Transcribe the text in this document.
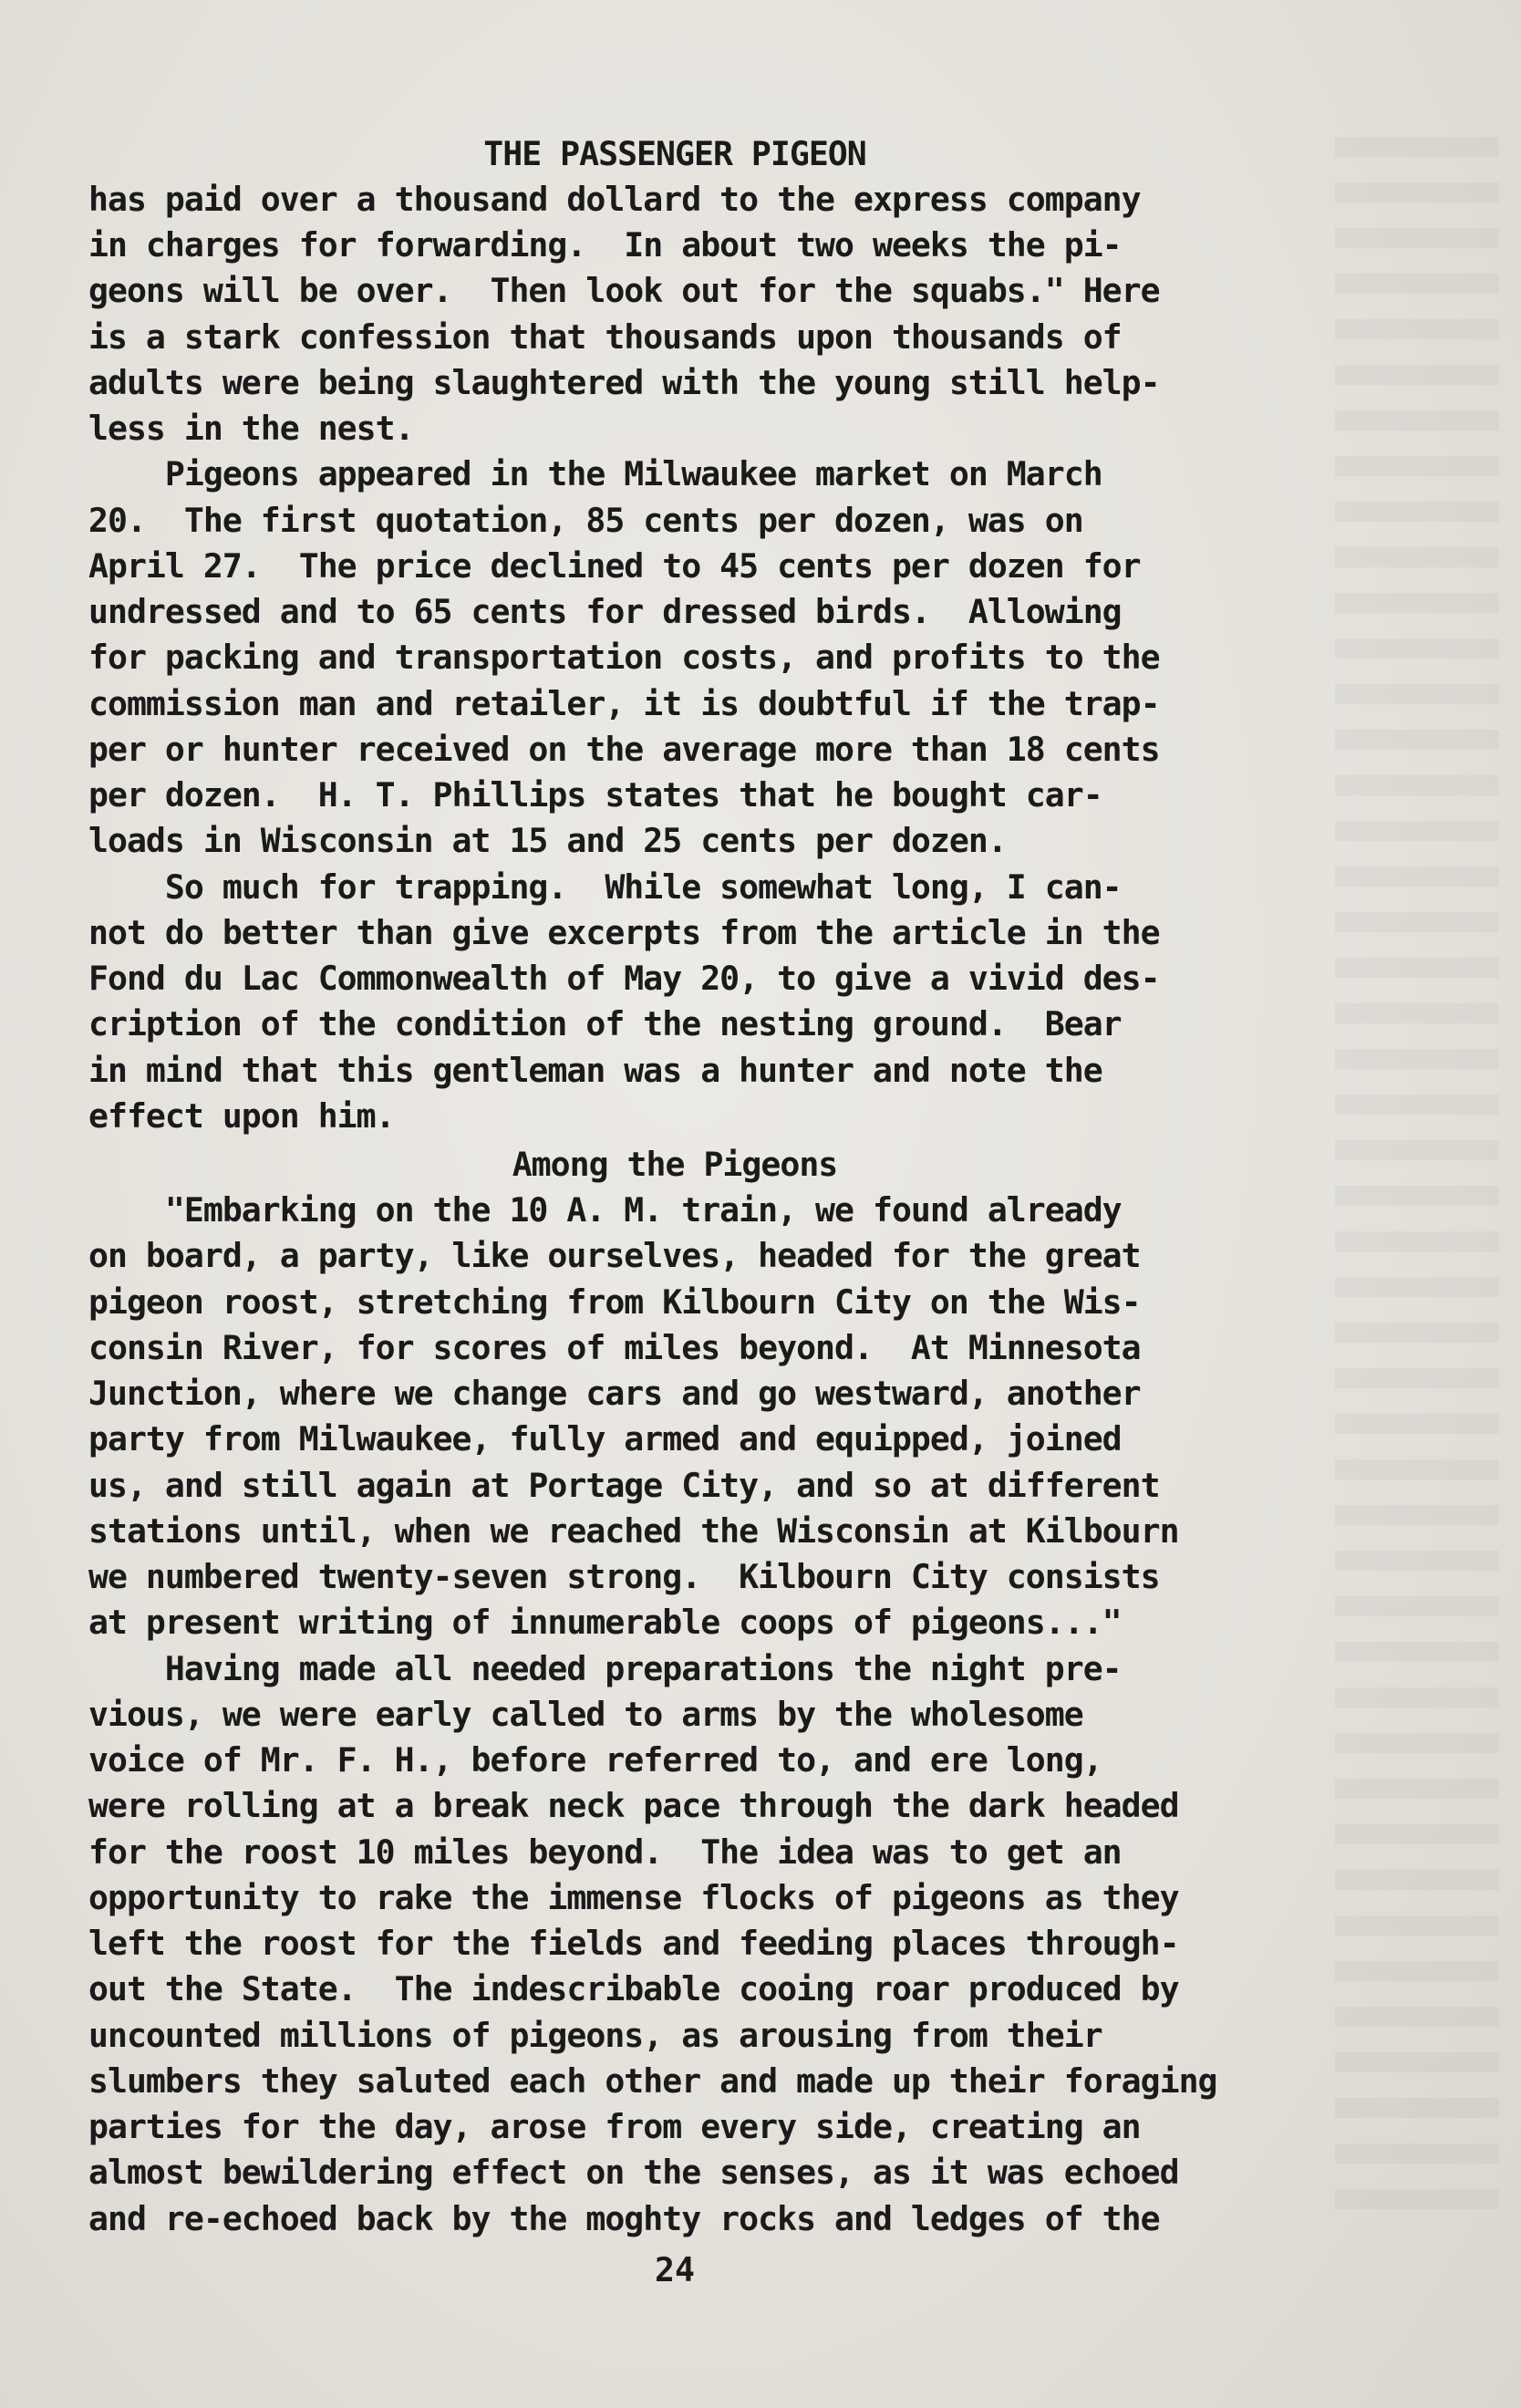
THE PASSENGER PIGEON

has paid over a thousand dollard to the express company

in charges for forwarding.  In about two weeks the pi-

geons will be over.  Then look out for the squabs." Here

is a stark confession that thousands upon thousands of

adults were being slaughtered with the young still help-

less in the nest.

Pigeons appeared in the Milwaukee market on March

20.  The first quotation, 85 cents per dozen, was on

April 27.  The price declined to 45 cents per dozen for

undressed and to 65 cents for dressed birds.  Allowing

for packing and transportation costs, and profits to the

commission man and retailer, it is doubtful if the trap-

per or hunter received on the average more than 18 cents

per dozen.  H. T. Phillips states that he bought car-

loads in Wisconsin at 15 and 25 cents per dozen.

So much for trapping.  While somewhat long, I can-

not do better than give excerpts from the article in the

Fond du Lac Commonwealth of May 20, to give a vivid des-

cription of the condition of the nesting ground.  Bear

in mind that this gentleman was a hunter and note the

effect upon him.

Among the Pigeons

"Embarking on the 10 A. M. train, we found already

on board, a party, like ourselves, headed for the great

pigeon roost, stretching from Kilbourn City on the Wis-

consin River, for scores of miles beyond.  At Minnesota

Junction, where we change cars and go westward, another

party from Milwaukee, fully armed and equipped, joined

us, and still again at Portage City, and so at different

stations until, when we reached the Wisconsin at Kilbourn

we numbered twenty-seven strong.  Kilbourn City consists

at present writing of innumerable coops of pigeons..."

Having made all needed preparations the night pre-

vious, we were early called to arms by the wholesome

voice of Mr. F. H., before referred to, and ere long,

were rolling at a break neck pace through the dark headed

for the roost 10 miles beyond.  The idea was to get an

opportunity to rake the immense flocks of pigeons as they

left the roost for the fields and feeding places through-

out the State.  The indescribable cooing roar produced by

uncounted millions of pigeons, as arousing from their

slumbers they saluted each other and made up their foraging

parties for the day, arose from every side, creating an

almost bewildering effect on the senses, as it was echoed

and re-echoed back by the moghty rocks and ledges of the

24
